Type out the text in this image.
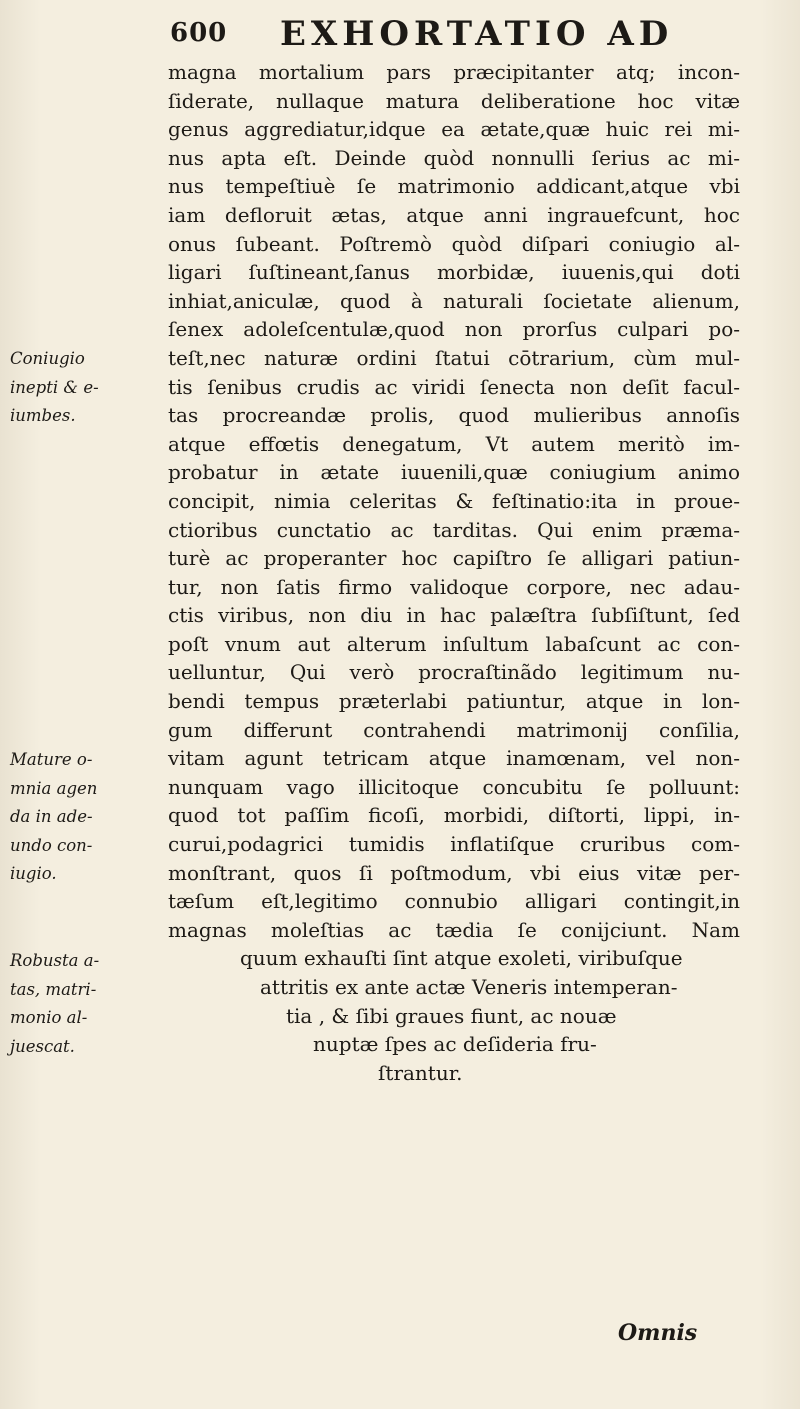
600 EXHORTATIO AD
Coniugio
inepti & e-
iumbes.
Mature o-
mnia agen
da in ade-
undo con-
iugio.
Robusta a-
tas, matri-
monio al-
juescat.
magna mortalium pars præcipitanter atq; incon-
ſiderate, nullaque matura deliberatione hoc vitæ
genus aggrediatur,idque ea ætate,quæ huic rei mi-
nus apta eſt. Deinde quòd nonnulli ſerius ac mi-
nus tempeſtiuè ſe matrimonio addicant,atque vbi
iam defloruit ætas, atque anni ingrauefcunt, hoc
onus ſubeant. Poſtremò quòd diſpari coniugio al-
ligari ſuſtineant,ſanus morbidæ, iuuenis,qui doti
inhiat,aniculæ, quod à naturali ſocietate alienum,
ſenex adoleſcentulæ,quod non prorſus culpari po-
teſt,nec naturæ ordini ſtatui cōtrarium, cùm mul-
tis ſenibus crudis ac viridi ſenecta non deſit facul-
tas procreandæ prolis, quod mulieribus annoſis
atque effœtis denegatum, Vt autem meritò im-
probatur in ætate iuuenili,quæ coniugium animo
concipit, nimia celeritas & feſtinatio:ita in proue-
ctioribus cunctatio ac tarditas. Qui enim præma-
turè ac properanter hoc capiſtro ſe alligari patiun-
tur, non ſatis firmo validoque corpore, nec adau-
ctis viribus, non diu in hac palæſtra ſubſiſtunt, ſed
poſt vnum aut alterum inſultum labaſcunt ac con-
uelluntur, Qui verò procraſtinãdo legitimum nu-
bendi tempus præterlabi patiuntur, atque in lon-
gum differunt contrahendi matrimonij conſilia,
vitam agunt tetricam atque inamœnam, vel non-
nunquam vago illicitoque concubitu ſe polluunt:
quod tot paſſim ficoſi, morbidi, diſtorti, lippi, in-
curui,podagrici tumidis inflatiſque cruribus com-
monſtrant, quos ſi poſtmodum, vbi eius vitæ per-
tæſum eſt,legitimo connubio alligari contingit,in
magnas moleſtias ac tædia ſe conijciunt. Nam
quum exhauſti ſint atque exoleti, viribuſque
attritis ex ante actæ Veneris intemperan-
tia , & ſibi graues fiunt, ac nouæ
nuptæ ſpes ac deſideria fru-
ſtrantur.
Omnis
